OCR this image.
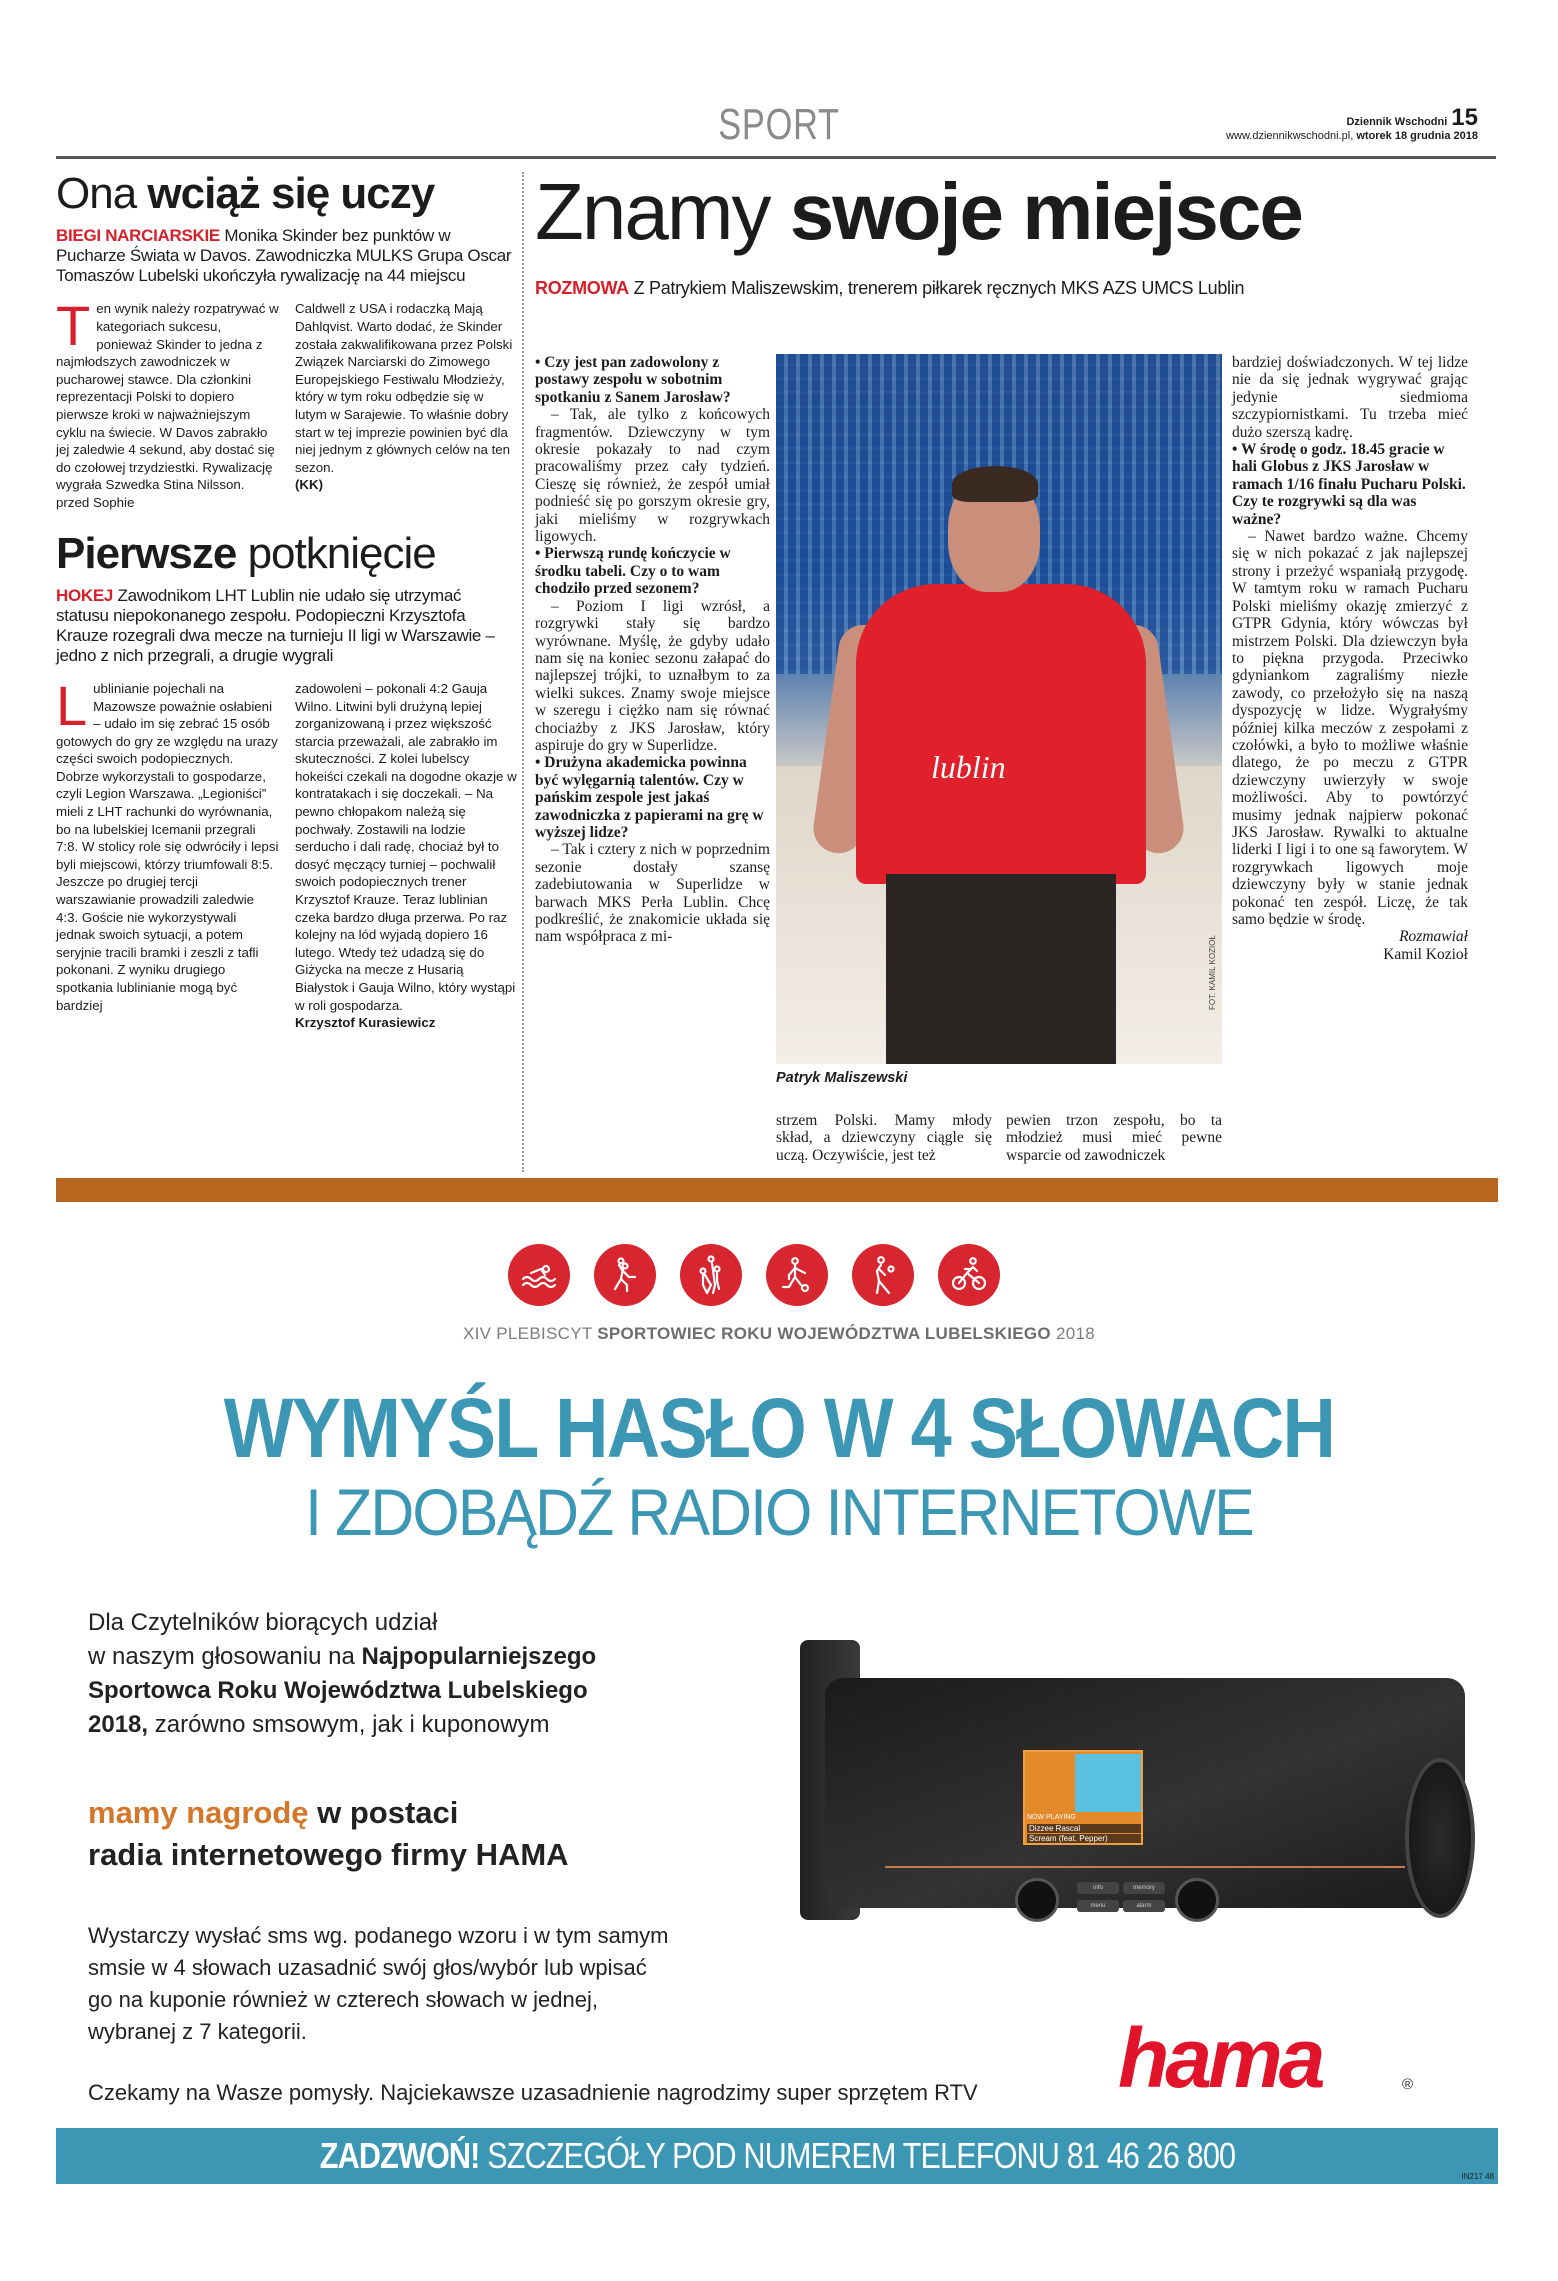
SPORT	Dziennik Wschodni 15
www.dziennikwschodni.pl, wtorek 18 grudnia 2018
Ona wciąż się uczy

BIEGI NARCIARSKIE Monika Skinder bez punktów w Pucharze Świata w Davos. Zawodniczka MULKS Grupa Oscar Tomaszów Lubelski ukończyła rywalizację na 44 miejscu

Ten wynik należy rozpatrywać w kategoriach sukcesu, ponieważ Skinder to jedna z najmłodszych zawodniczek w pucharowej stawce. Dla członkini reprezentacji Polski to dopiero pierwsze kroki w najważniejszym cyklu na świecie. W Davos zabrakło jej zaledwie 4 sekund, aby dostać się do czołowej trzydziestki. Rywalizację wygrała Szwedka Stina Nilsson. przed Sophie
Caldwell z USA i rodaczką Mają Dahlqvist. Warto dodać, że Skinder została zakwalifikowana przez Polski Związek Narciarski do Zimowego Europejskiego Festiwalu Młodzieży, który w tym roku odbędzie się w lutym w Sarajewie. To właśnie dobry start w tej imprezie powinien być dla niej jednym z głównych celów na ten sezon.
(KK)
Pierwsze potknięcie

HOKEJ Zawodnikom LHT Lublin nie udało się utrzymać statusu niepokonanego zespołu. Podopieczni Krzysztofa Krauze rozegrali dwa mecze na turnieju II ligi w Warszawie – jedno z nich przegrali, a drugie wygrali

Lublinianie pojechali na Mazowsze poważnie osłabieni – udało im się zebrać 15 osób gotowych do gry ze względu na urazy części swoich podopiecznych. Dobrze wykorzystali to gospodarze, czyli Legion Warszawa. „Legioniści” mieli z LHT rachunki do wyrównania, bo na lubelskiej Icemanii przegrali 7:8. W stolicy role się odwróciły i lepsi byli miejscowi, którzy triumfowali 8:5. Jeszcze po drugiej tercji warszawianie prowadzili zaledwie 4:3. Goście nie wykorzystywali jednak swoich sytuacji, a potem seryjnie tracili bramki i zeszli z tafli pokonani. Z wyniku drugiego spotkania lublinianie mogą być bardziej
zadowoleni – pokonali 4:2 Gauja Wilno. Litwini byli drużyną lepiej zorganizowaną i przez większość starcia przeważali, ale zabrakło im skuteczności. Z kolei lubelscy hokeiści czekali na dogodne okazje w kontratakach i się doczekali. – Na pewno chłopakom należą się pochwały. Zostawili na lodzie serducho i dali radę, chociaż był to dosyć męczący turniej – pochwalił swoich podopiecznych trener Krzysztof Krauze. Teraz lublinian czeka bardzo długa przerwa. Po raz kolejny na lód wyjadą dopiero 16 lutego. Wtedy też udadzą się do Giżycka na mecze z Husarią Białystok i Gauja Wilno, który wystąpi w roli gospodarza.
Krzysztof Kurasiewicz
Znamy swoje miejsce

ROZMOWA Z Patrykiem Maliszewskim, trenerem piłkarek ręcznych MKS AZS UMCS Lublin

• Czy jest pan zadowolony z postawy zespołu w sobotnim spotkaniu z Sanem Jarosław?
– Tak, ale tylko z końcowych fragmentów. Dziewczyny w tym okresie pokazały to nad czym pracowaliśmy przez cały tydzień. Cieszę się również, że zespół umiał podnieść się po gorszym okresie gry, jaki mieliśmy w rozgrywkach ligowych.
• Pierwszą rundę kończycie w środku tabeli. Czy o to wam chodziło przed sezonem?
– Poziom I ligi wzrósł, a rozgrywki stały się bardzo wyrównane. Myślę, że gdyby udało nam się na koniec sezonu załapać do najlepszej trójki, to uznałbym to za wielki sukces. Znamy swoje miejsce w szeregu i ciężko nam się równać chociażby z JKS Jarosław, który aspiruje do gry w Superlidze.
• Drużyna akademicka powinna być wylęgarnią talentów. Czy w pańskim zespole jest jakaś zawodniczka z papierami na grę w wyższej lidze?
– Tak i cztery z nich w poprzednim sezonie dostały szansę zadebiutowania w Superlidze w barwach MKS Perła Lublin. Chcę podkreślić, że znakomicie układa się nam współpraca z mi-
lublin
FOT. KAMIL KOZIOŁ
Patryk Maliszewski
strzem Polski. Mamy młody skład, a dziewczyny ciągle się uczą. Oczywiście, jest też
pewien trzon zespołu, bo ta młodzież musi mieć pewne wsparcie od zawodniczek
bardziej doświadczonych. W tej lidze nie da się jednak wygrywać grając jedynie siedmioma szczypiornistkami. Tu trzeba mieć dużo szerszą kadrę.
• W środę o godz. 18.45 gracie w hali Globus z JKS Jarosław w ramach 1/16 finału Pucharu Polski. Czy te rozgrywki są dla was ważne?
– Nawet bardzo ważne. Chcemy się w nich pokazać z jak najlepszej strony i przeżyć wspaniałą przygodę. W tamtym roku w ramach Pucharu Polski mieliśmy okazję zmierzyć z GTPR Gdynia, który wówczas był mistrzem Polski. Dla dziewczyn była to piękna przygoda. Przeciwko gdyniankom zagraliśmy niezłe zawody, co przełożyło się na naszą dyspozycję w lidze. Wygrałyśmy później kilka meczów z zespołami z czołówki, a było to możliwe właśnie dlatego, że po meczu z GTPR dziewczyny uwierzyły w swoje możliwości. Aby to powtórzyć musimy jednak najpierw pokonać JKS Jarosław. Rywalki to aktualne liderki I ligi i to one są faworytem. W rozgrywkach ligowych moje dziewczyny były w stanie jednak pokonać ten zespół. Liczę, że tak samo będzie w środę.
Rozmawiał
Kamil Kozioł
XIV PLEBISCYT SPORTOWIEC ROKU WOJEWÓDZTWA LUBELSKIEGO 2018
WYMYŚL HASŁO W 4 SŁOWACH
I ZDOBĄDŹ RADIO INTERNETOWE
Dla Czytelników biorących udział
w naszym głosowaniu na Najpopularniejszego
Sportowca Roku Województwa Lubelskiego
2018, zarówno smsowym, jak i kuponowym
mamy nagrodę w postaci
radia internetowego firmy HAMA
Wystarczy wysłać sms wg. podanego wzoru i w tym samym
smsie w 4 słowach uzasadnić swój głos/wybór lub wpisać
go na kuponie również w czterech słowach w jednej,
wybranej z 7 kategorii.
Czekamy na Wasze pomysły. Najciekawsze uzasadnienie nagrodzimy super sprzętem RTV
NOW PLAYING
Dizzee Rascal
Scream (feat. Pepper)
info	memory
menu	alarm
hama	®
ZADZWOŃ! SZCZEGÓŁY POD NUMEREM TELEFONU 81 46 26 800
IN217 48
